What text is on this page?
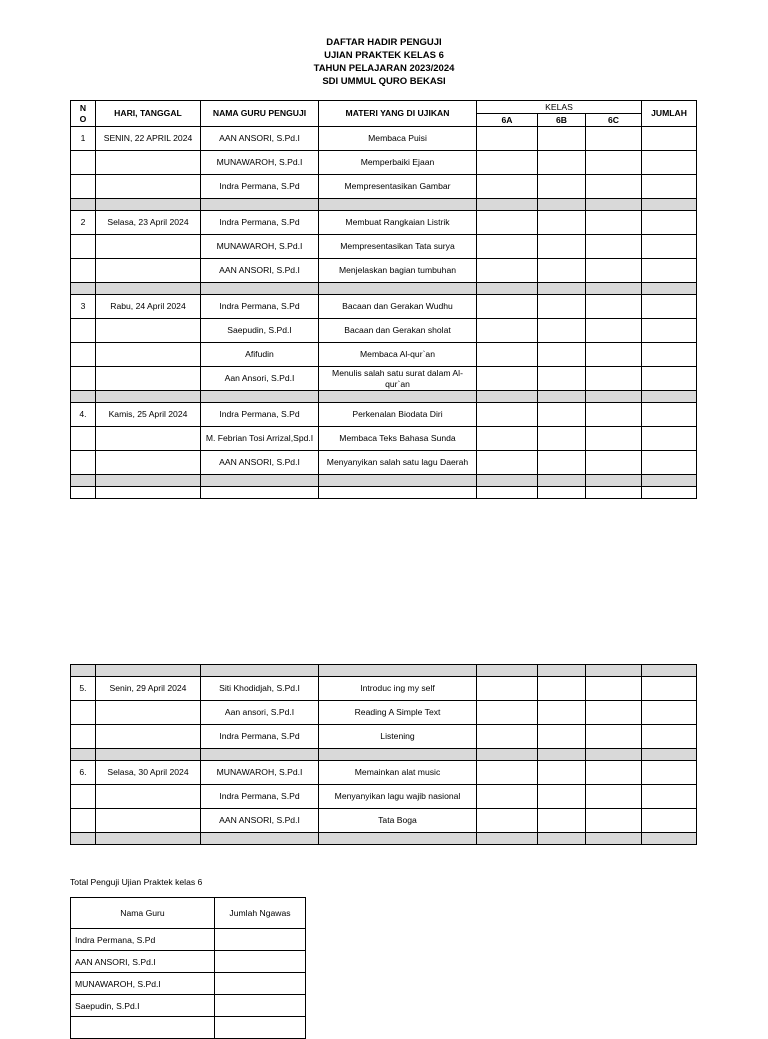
DAFTAR HADIR PENGUJI
UJIAN PRAKTEK KELAS 6
TAHUN PELAJARAN 2023/2024
SDI UMMUL QURO BEKASI
NO	HARI, TANGGAL	NAMA GURU PENGUJI	MATERI YANG DI UJIKAN	KELAS			JUMLAH
				6A	6B	6C	
1	SENIN, 22 APRIL 2024	AAN ANSORI, S.Pd.I	Membaca Puisi				
		MUNAWAROH, S.Pd.I	Memperbaiki Ejaan				
		Indra Permana, S.Pd	Mempresentasikan Gambar				

2	Selasa, 23 April 2024	Indra Permana, S.Pd	Membuat Rangkaian Listrik				
		MUNAWAROH, S.Pd.I	Mempresentasikan Tata surya				
		AAN ANSORI, S.Pd.I	Menjelaskan bagian tumbuhan				

3	Rabu, 24 April 2024	Indra Permana, S.Pd	Bacaan dan Gerakan Wudhu				
		Saepudin, S.Pd.I	Bacaan dan Gerakan sholat				
		Afifudin	Membaca Al-qur`an				
		Aan Ansori, S.Pd.I	Menulis salah satu surat dalam Al-qur`an				

4.	Kamis, 25 April 2024	Indra Permana, S.Pd	Perkenalan Biodata Diri				
		M. Febrian Tosi Arrizal,Spd.I	Membaca Teks Bahasa Sunda				
		AAN ANSORI, S.Pd.I	Menyanyikan salah satu lagu Daerah				

5.	Senin, 29 April 2024	Siti Khodidjah, S.Pd.I	Introduc ing my self				
		Aan ansori, S.Pd.I	Reading A Simple Text				
		Indra Permana, S.Pd	Listening				

6.	Selasa, 30 April 2024	MUNAWAROH, S.Pd.I	Memainkan alat music				
		Indra Permana, S.Pd	Menyanyikan lagu wajib nasional				
		AAN ANSORI, S.Pd.I	Tata Boga				

Total Penguji Ujian Praktek kelas 6
Nama Guru	Jumlah Ngawas
Indra Permana, S.Pd	
AAN ANSORI, S.Pd.I	
MUNAWAROH, S.Pd.I	
Saepudin, S.Pd.I	
